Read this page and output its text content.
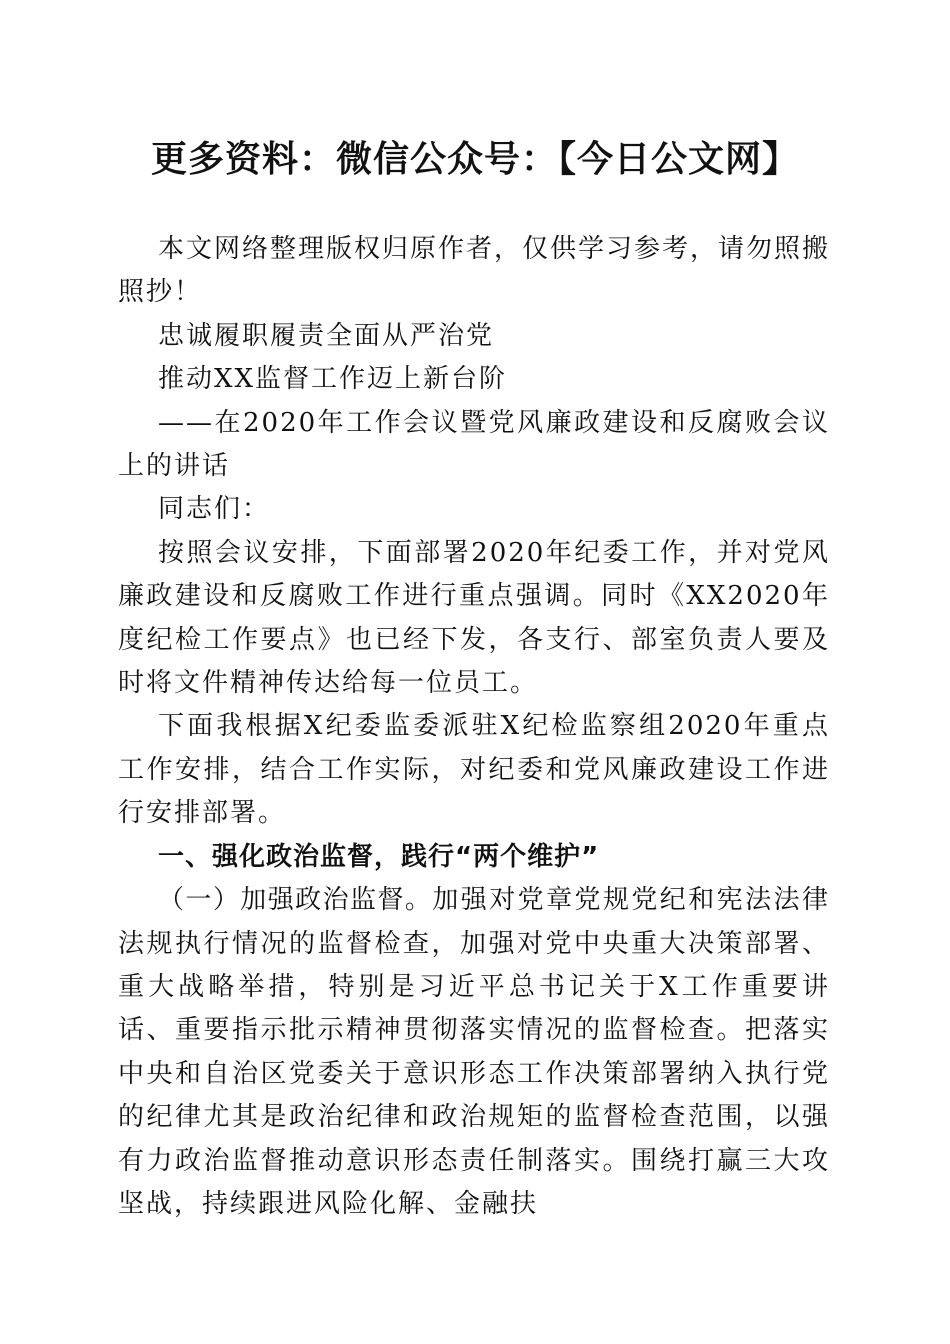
更多资料：微信公众号：【今日公文网】

本文网络整理版权归原作者，仅供学习参考，请勿照搬照抄！

忠诚履职履责全面从严治党

推动XX监督工作迈上新台阶

——在2020年工作会议暨党风廉政建设和反腐败会议上的讲话

同志们：

按照会议安排，下面部署2020年纪委工作，并对党风廉政建设和反腐败工作进行重点强调。同时《XX2020年度纪检工作要点》也已经下发，各支行、部室负责人要及时将文件精神传达给每一位员工。

下面我根据X纪委监委派驻X纪检监察组2020年重点工作安排，结合工作实际，对纪委和党风廉政建设工作进行安排部署。

一、强化政治监督，践行“两个维护”

（一）加强政治监督。加强对党章党规党纪和宪法法律法规执行情况的监督检查，加强对党中央重大决策部署、重大战略举措，特别是习近平总书记关于X工作重要讲话、重要指示批示精神贯彻落实情况的监督检查。把落实中央和自治区党委关于意识形态工作决策部署纳入执行党的纪律尤其是政治纪律和政治规矩的监督检查范围，以强有力政治监督推动意识形态责任制落实。围绕打赢三大攻坚战，持续跟进风险化解、金融扶
